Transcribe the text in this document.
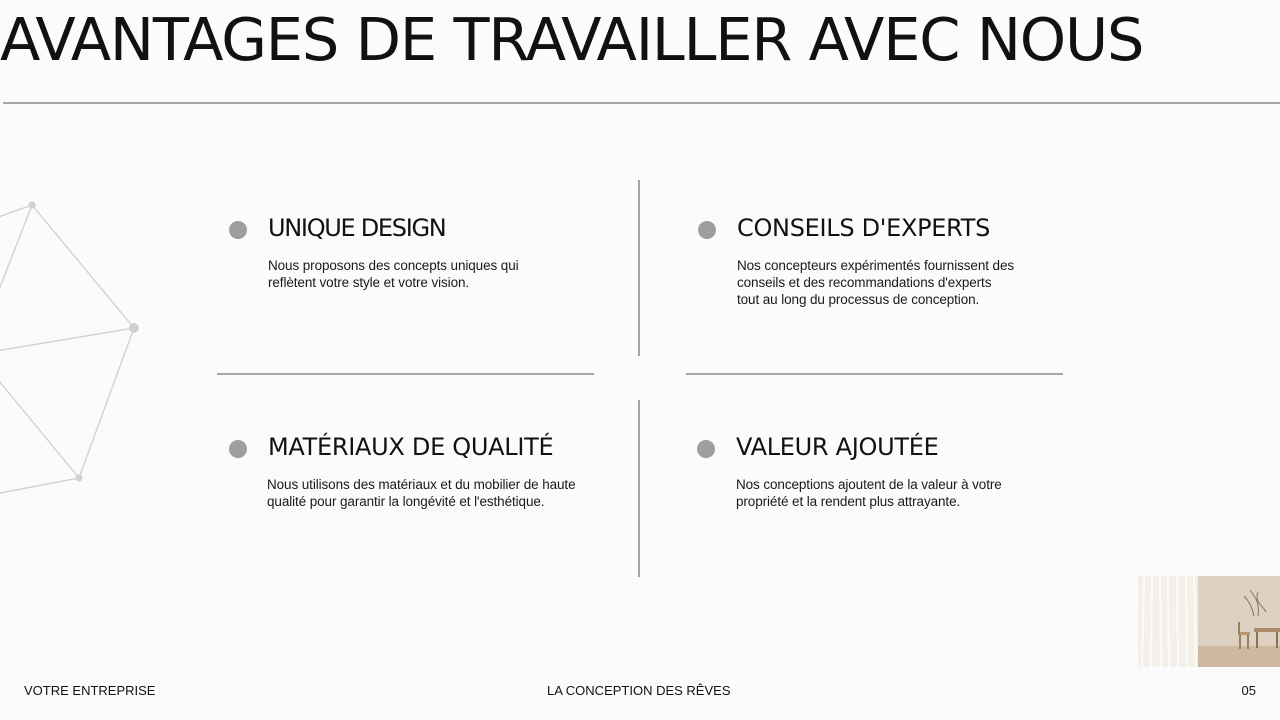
AVANTAGES DE TRAVAILLER AVEC NOUS
UNIQUE DESIGN

Nous proposons des concepts uniques qui
reflètent votre style et votre vision.

CONSEILS D'EXPERTS

Nos concepteurs expérimentés fournissent des
conseils et des recommandations d'experts
tout au long du processus de conception.

MATÉRIAUX DE QUALITÉ

Nous utilisons des matériaux et du mobilier de haute
qualité pour garantir la longévité et l'esthétique.

VALEUR AJOUTÉE

Nos conceptions ajoutent de la valeur à votre
propriété et la rendent plus attrayante.

VOTRE ENTREPRISE	LA CONCEPTION DES RÊVES	05
